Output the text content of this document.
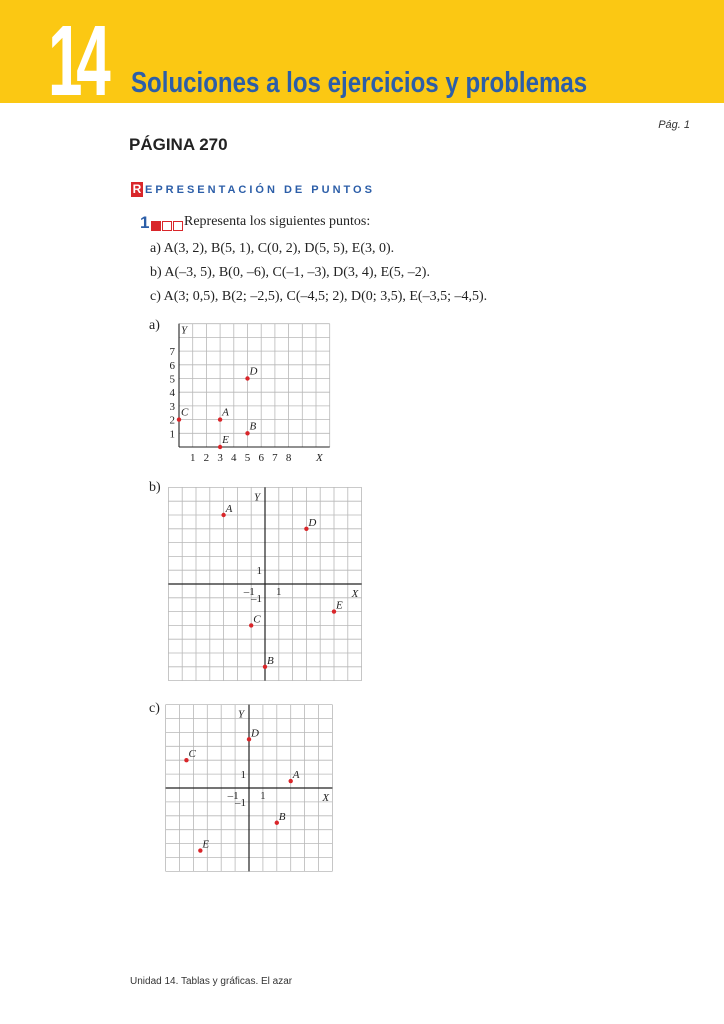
14 Soluciones a los ejercicios y problemas
Pág. 1
PÁGINA 270
R EPRESENTACIÓN DE PUNTOS
1 Representa los siguientes puntos:
a) A(3, 2), B(5, 1), C(0, 2), D(5, 5), E(3, 0).
b) A(–3, 5), B(0, –6), C(–1, –3), D(3, 4), E(5, –2).
c) A(3; 0,5), B(2; –2,5), C(–4,5; 2), D(0; 3,5), E(–3,5; –4,5).
a)
1 2 3 4 5 6 7 8
1
2
3
4
5
6
7
X
Y
A
B
C
D
E
b)
1
–1
1
–1	X
Y
A
B
C
D
E
c)
1
–1
1
–1	X
Y
A
B
C
D
E
Unidad 14. Tablas y gráficas. El azar
